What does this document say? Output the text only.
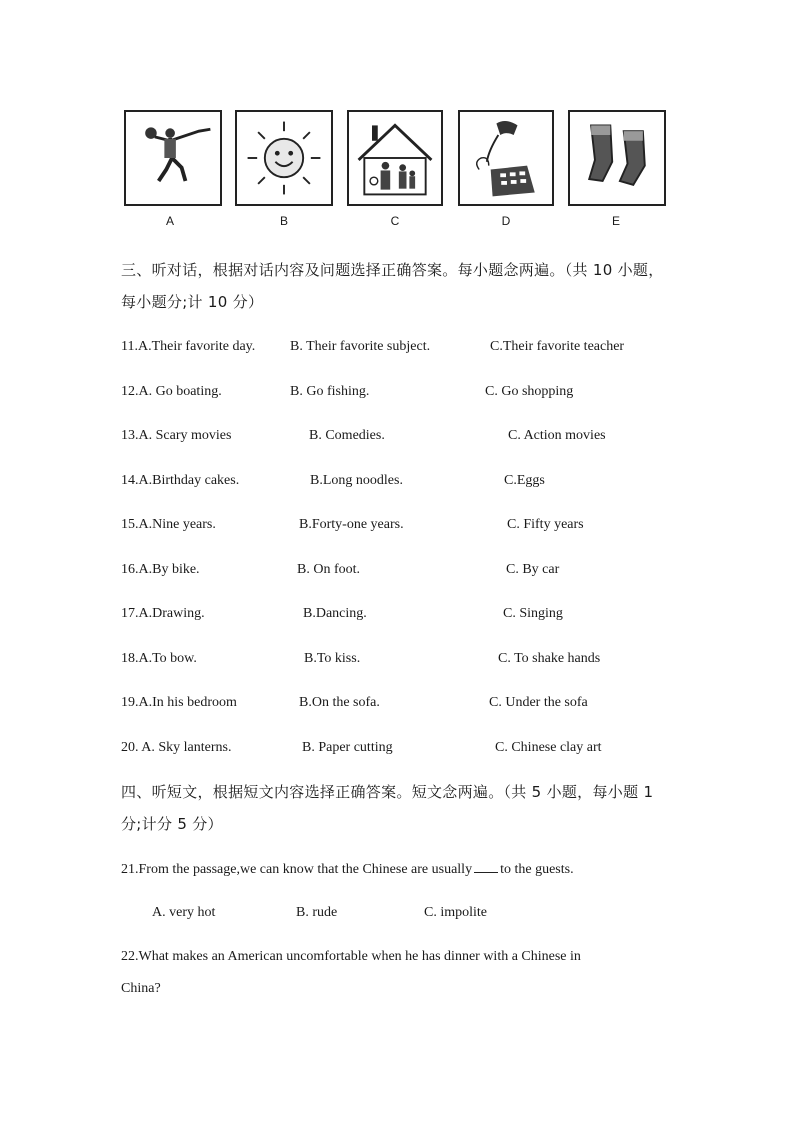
A	B	C	D	E
三、听对话，根据对话内容及问题选择正确答案。每小题念两遍。（共 10 小题，
每小题分;计 10 分）
11.A.Their favorite day. B. Their favorite subject.	C.Their favorite teacher
12.A. Go boating.	B. Go fishing.	C. Go shopping
13.A. Scary movies	B. Comedies.	C. Action movies
14.A.Birthday cakes.	B.Long noodles.	C.Eggs
15.A.Nine years.	B.Forty-one years.	C. Fifty years
16.A.By bike.	B. On foot.	C. By car
17.A.Drawing.	B.Dancing.	C. Singing
18.A.To bow.	B.To kiss.	C. To shake hands
19.A.In his bedroom	B.On the sofa.	C. Under the sofa
20. A. Sky lanterns.	B. Paper cutting	C. Chinese clay art
四、听短文，根据短文内容选择正确答案。短文念两遍。（共 5 小题，每小题 1
分;计分 5 分）
21.From the passage,we can know that the Chinese are usually to the guests.
A. very hot	B. rude	C. impolite
22.What makes an American uncomfortable when he has dinner with a Chinese in
China?
